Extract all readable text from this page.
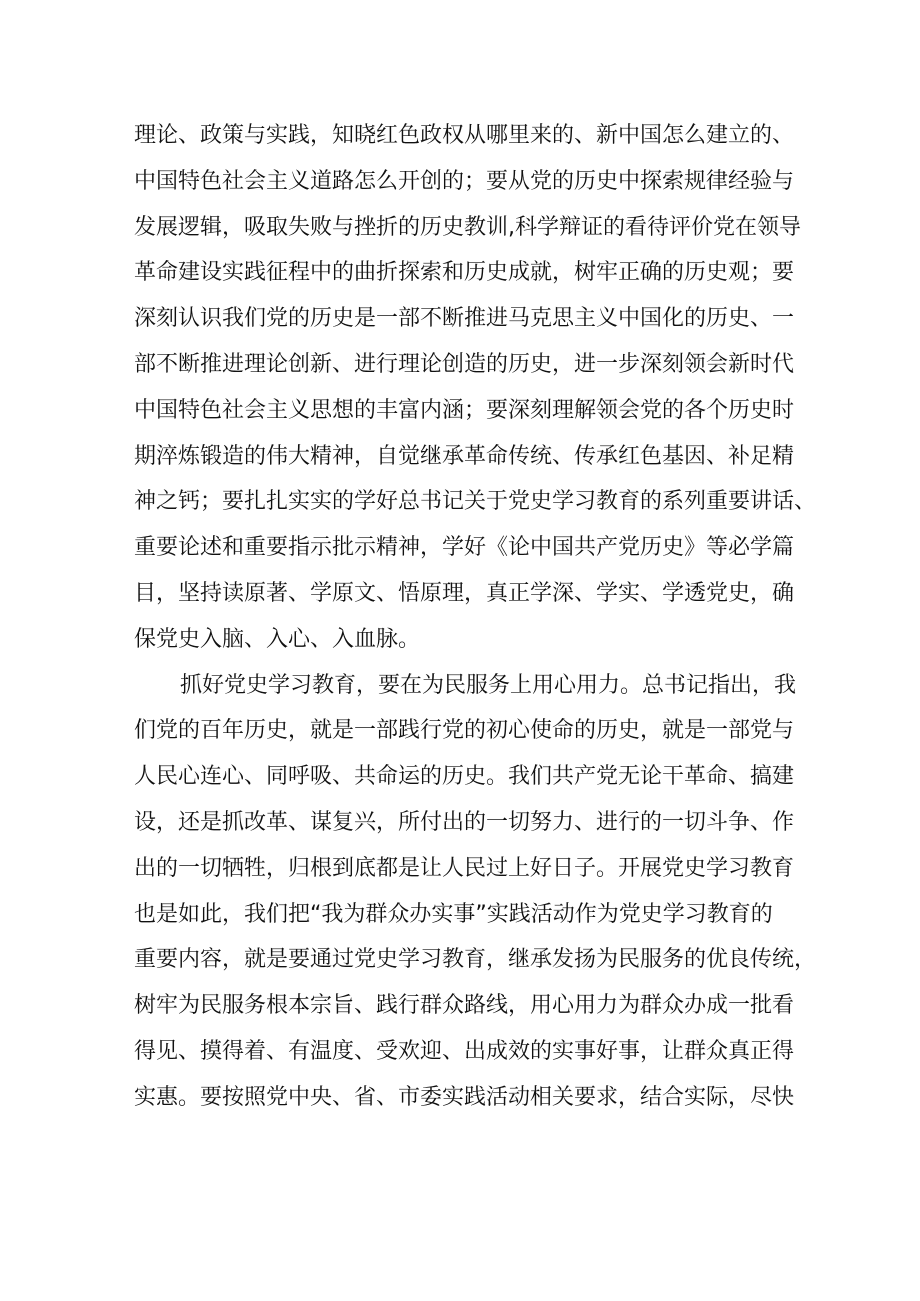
理论、政策与实践，知晓红色政权从哪里来的、新中国怎么建立的、
中国特色社会主义道路怎么开创的；要从党的历史中探索规律经验与
发展逻辑，吸取失败与挫折的历史教训,科学辩证的看待评价党在领导
革命建设实践征程中的曲折探索和历史成就，树牢正确的历史观；要
深刻认识我们党的历史是一部不断推进马克思主义中国化的历史、一
部不断推进理论创新、进行理论创造的历史，进一步深刻领会新时代
中国特色社会主义思想的丰富内涵；要深刻理解领会党的各个历史时
期淬炼锻造的伟大精神，自觉继承革命传统、传承红色基因、补足精
神之钙；要扎扎实实的学好总书记关于党史学习教育的系列重要讲话、
重要论述和重要指示批示精神，学好《论中国共产党历史》等必学篇
目，坚持读原著、学原文、悟原理，真正学深、学实、学透党史，确
保党史入脑、入心、入血脉。
抓好党史学习教育，要在为民服务上用心用力。总书记指出，我
们党的百年历史，就是一部践行党的初心使命的历史，就是一部党与
人民心连心、同呼吸、共命运的历史。我们共产党无论干革命、搞建
设，还是抓改革、谋复兴，所付出的一切努力、进行的一切斗争、作
出的一切牺牲，归根到底都是让人民过上好日子。开展党史学习教育
也是如此，我们把“我为群众办实事”实践活动作为党史学习教育的
重要内容，就是要通过党史学习教育，继承发扬为民服务的优良传统，
树牢为民服务根本宗旨、践行群众路线，用心用力为群众办成一批看
得见、摸得着、有温度、受欢迎、出成效的实事好事，让群众真正得
实惠。要按照党中央、省、市委实践活动相关要求，结合实际，尽快
